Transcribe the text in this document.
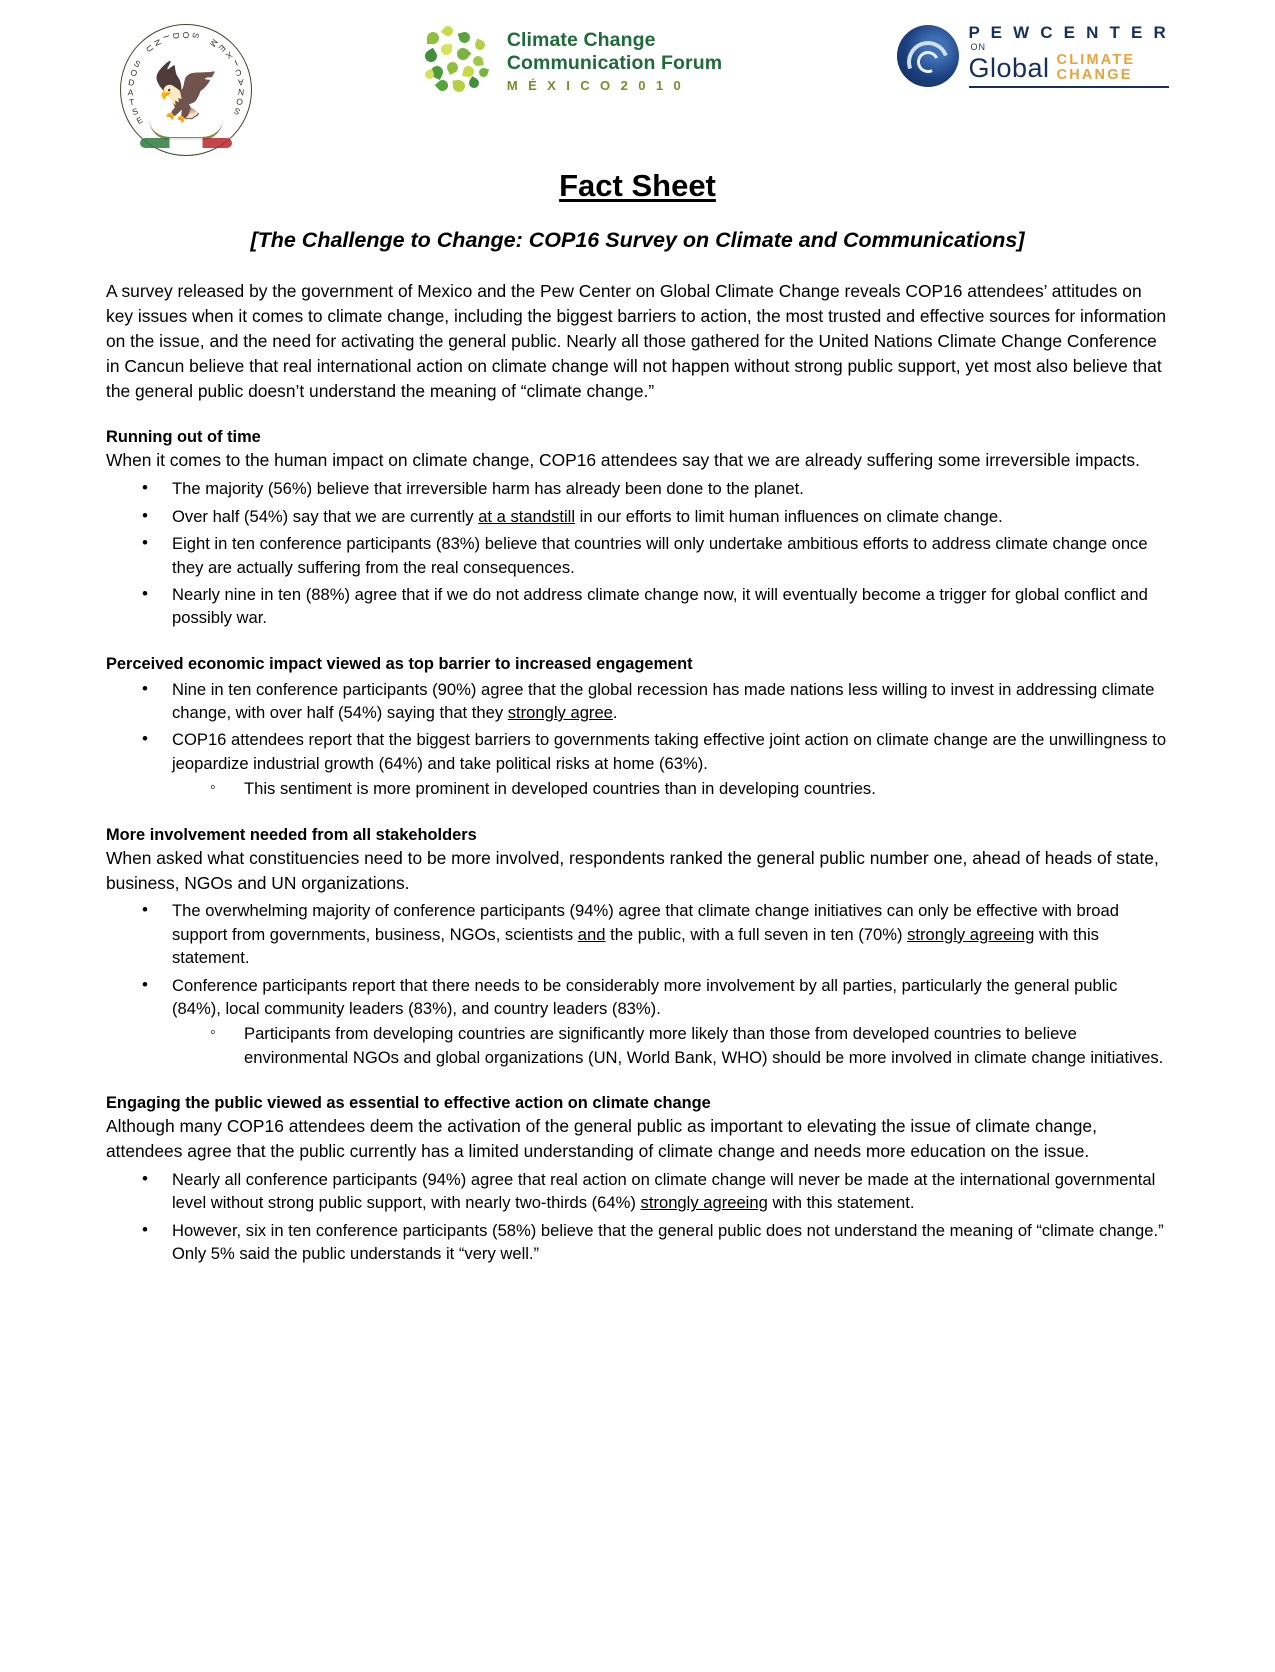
E
S
T
A
D
O
S

U
N
I D O
S

M
E
X
I
C
A
N
O
S
🦅
Climate Change
Communication Forum
M É X I C O 2 0 1 0
P E W C E N T E R
ON
Global CLIMATE
CHANGE
Fact Sheet
[The Challenge to Change: COP16 Survey on Climate and Communications]

A survey released by the government of Mexico and the Pew Center on Global Climate Change reveals COP16 attendees’ attitudes on key issues when it comes to climate change, including the biggest barriers to action, the most trusted and effective sources for information on the issue, and the need for activating the general public. Nearly all those gathered for the United Nations Climate Change Conference in Cancun believe that real international action on climate change will not happen without strong public support, yet most also believe that the general public doesn’t understand the meaning of “climate change.”

Running out of time

When it comes to the human impact on climate change, COP16 attendees say that we are already suffering some irreversible impacts.

• The majority (56%) believe that irreversible harm has already been done to the planet.
• Over half (54%) say that we are currently at a standstill in our efforts to limit human influences on climate change.
• Eight in ten conference participants (83%) believe that countries will only undertake ambitious efforts to address climate change once they are actually suffering from the real consequences.
• Nearly nine in ten (88%) agree that if we do not address climate change now, it will eventually become a trigger for global conflict and possibly war.
Perceived economic impact viewed as top barrier to increased engagement
• Nine in ten conference participants (90%) agree that the global recession has made nations less willing to invest in addressing climate change, with over half (54%) saying that they strongly agree.
• COP16 attendees report that the biggest barriers to governments taking effective joint action on climate change are the unwillingness to jeopardize industrial growth (64%) and take political risks at home (63%).
◦ This sentiment is more prominent in developed countries than in developing countries.
More involvement needed from all stakeholders

When asked what constituencies need to be more involved, respondents ranked the general public number one, ahead of heads of state, business, NGOs and UN organizations.

• The overwhelming majority of conference participants (94%) agree that climate change initiatives can only be effective with broad support from governments, business, NGOs, scientists and the public, with a full seven in ten (70%) strongly agreeing with this statement.
• Conference participants report that there needs to be considerably more involvement by all parties, particularly the general public (84%), local community leaders (83%), and country leaders (83%).
◦ Participants from developing countries are significantly more likely than those from developed countries to believe environmental NGOs and global organizations (UN, World Bank, WHO) should be more involved in climate change initiatives.
Engaging the public viewed as essential to effective action on climate change

Although many COP16 attendees deem the activation of the general public as important to elevating the issue of climate change, attendees agree that the public currently has a limited understanding of climate change and needs more education on the issue.

• Nearly all conference participants (94%) agree that real action on climate change will never be made at the international governmental level without strong public support, with nearly two-thirds (64%) strongly agreeing with this statement.
• However, six in ten conference participants (58%) believe that the general public does not understand the meaning of “climate change.” Only 5% said the public understands it “very well.”
